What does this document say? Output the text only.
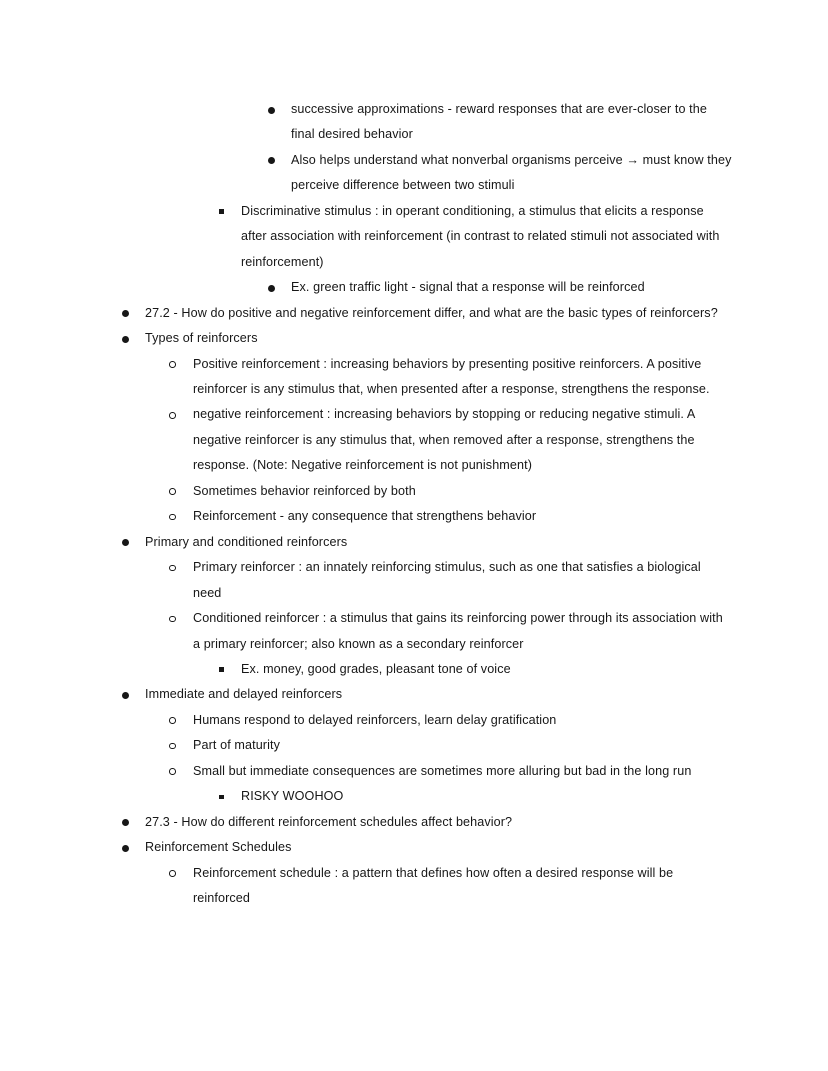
successive approximations - reward responses that are ever-closer to the final desired behavior
Also helps understand what nonverbal organisms perceive → must know they perceive difference between two stimuli
Discriminative stimulus : in operant conditioning, a stimulus that elicits a response after association with reinforcement (in contrast to related stimuli not associated with reinforcement)
Ex. green traffic light - signal that a response will be reinforced
27.2 - How do positive and negative reinforcement differ, and what are the basic types of reinforcers?
Types of reinforcers
Positive reinforcement : increasing behaviors by presenting positive reinforcers. A positive reinforcer is any stimulus that, when presented after a response, strengthens the response.
negative reinforcement : increasing behaviors by stopping or reducing negative stimuli. A negative reinforcer is any stimulus that, when removed after a response, strengthens the response. (Note: Negative reinforcement is not punishment)
Sometimes behavior reinforced by both
Reinforcement - any consequence that strengthens behavior
Primary and conditioned reinforcers
Primary reinforcer : an innately reinforcing stimulus, such as one that satisfies a biological need
Conditioned reinforcer : a stimulus that gains its reinforcing power through its association with a primary reinforcer; also known as a secondary reinforcer
Ex. money, good grades, pleasant tone of voice
Immediate and delayed reinforcers
Humans respond to delayed reinforcers, learn delay gratification
Part of maturity
Small but immediate consequences are sometimes more alluring but bad in the long run
RISKY WOOHOO
27.3 - How do different reinforcement schedules affect behavior?
Reinforcement Schedules
Reinforcement schedule : a pattern that defines how often a desired response will be reinforced
